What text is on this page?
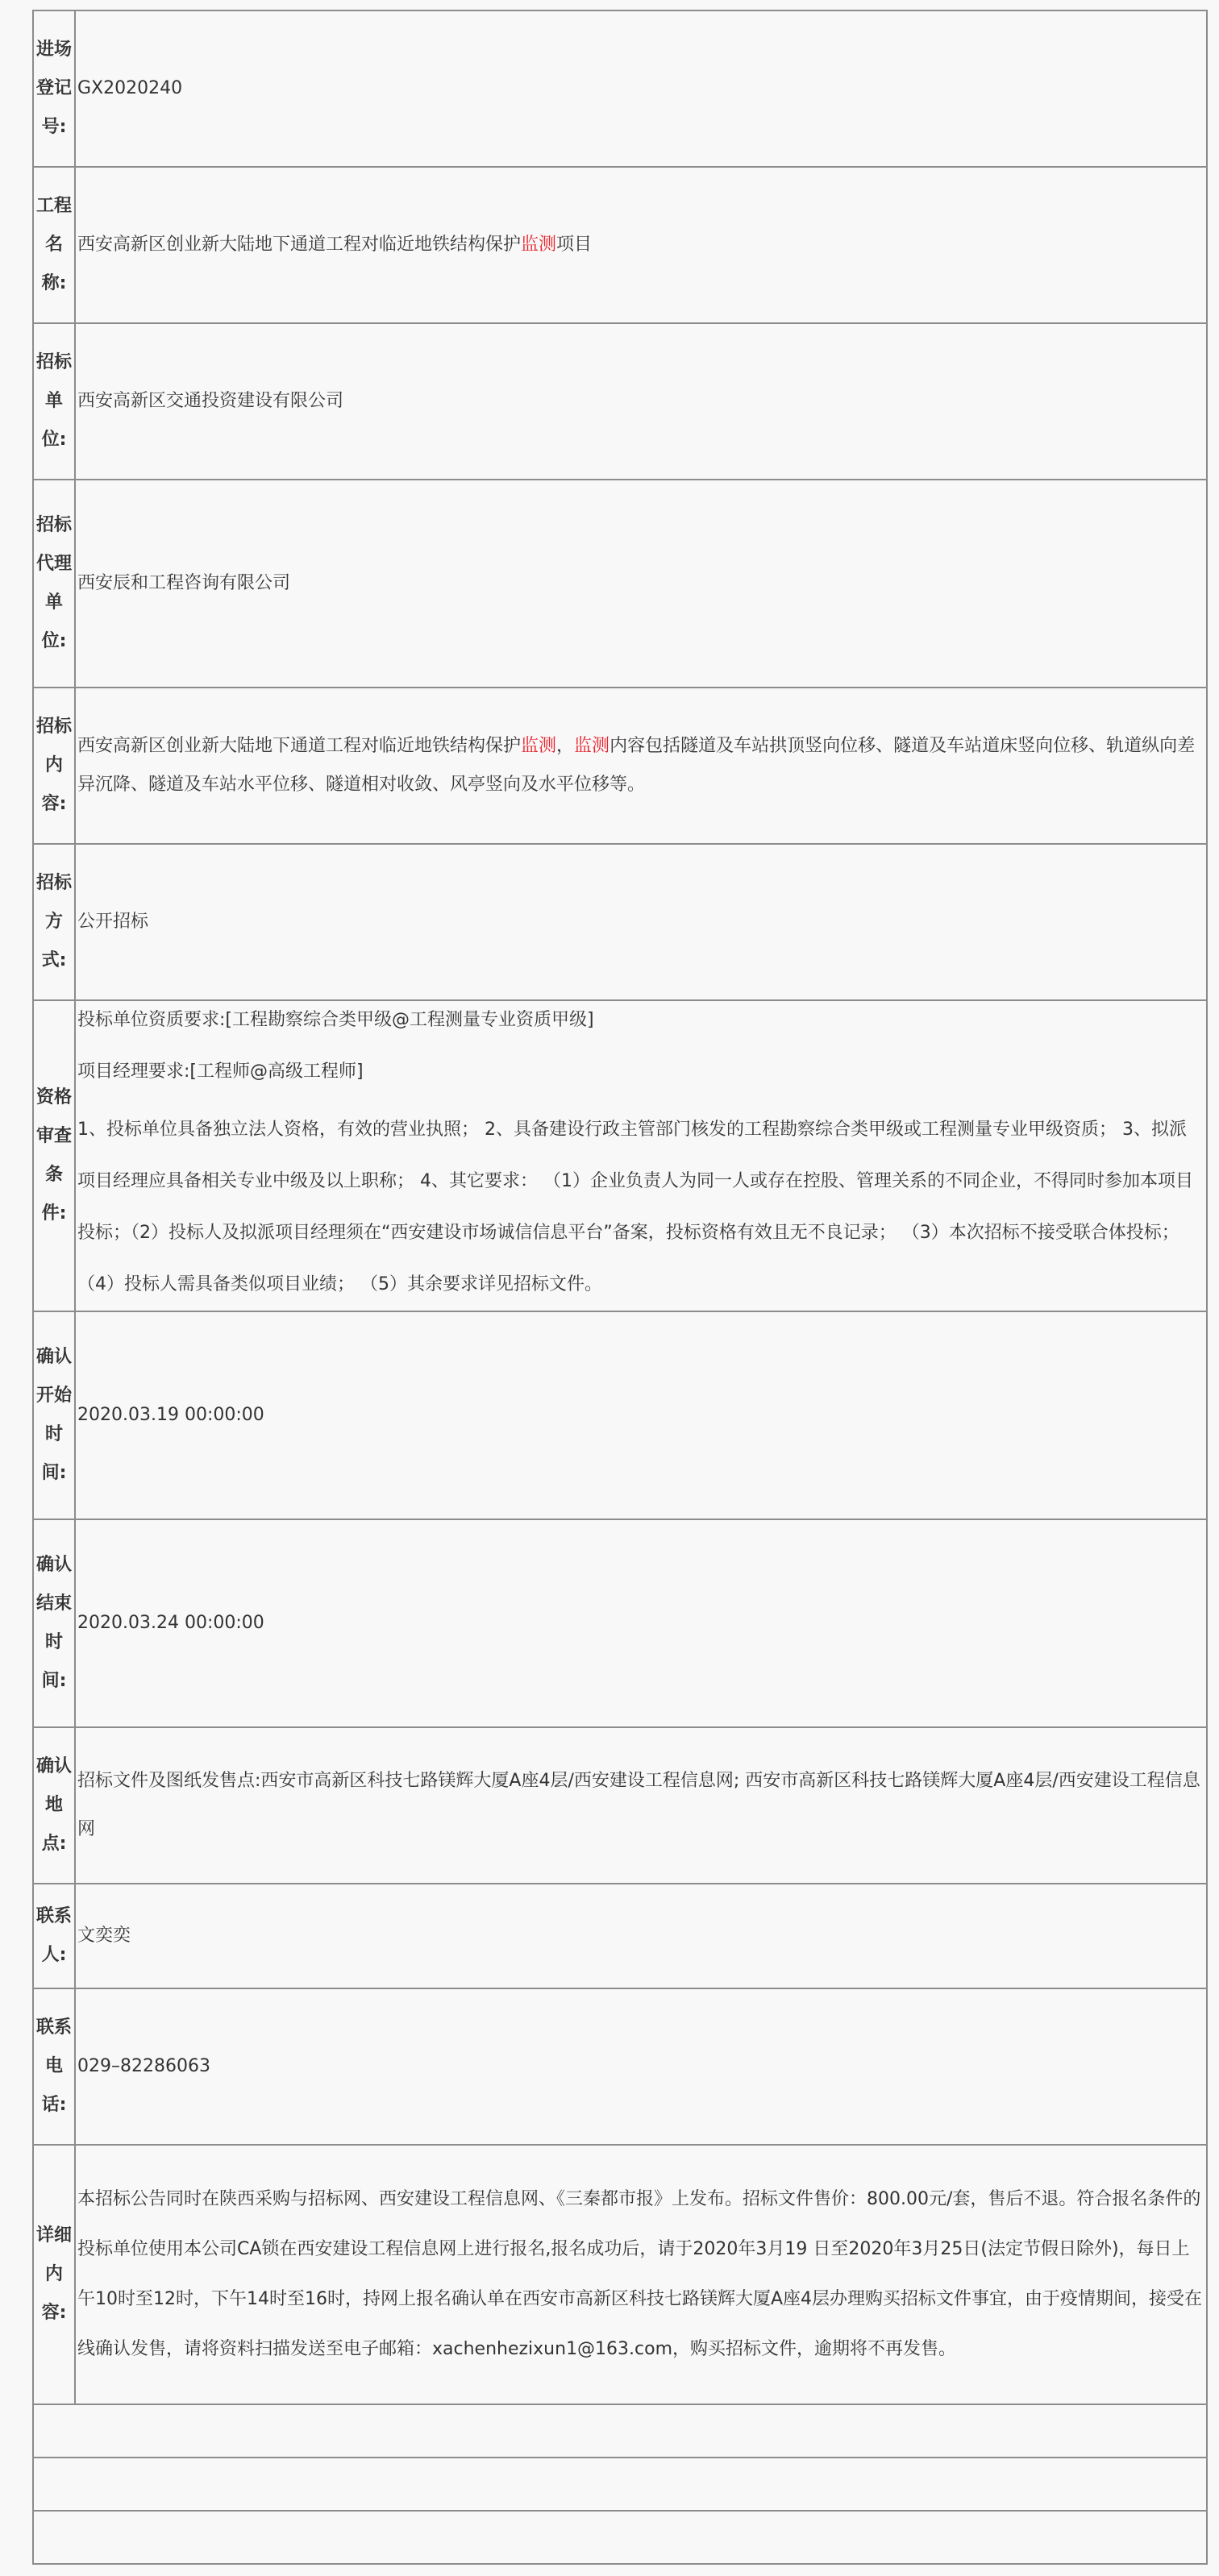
进场登记号:	GX2020240

工程名称:	西安高新区创业新大陆地下通道工程对临近地铁结构保护监测项目

招标单位:	西安高新区交通投资建设有限公司

招标代理单位:	西安辰和工程咨询有限公司

招标内容:	西安高新区创业新大陆地下通道工程对临近地铁结构保护监测，监测内容包括隧道及车站拱顶竖向位移、隧道及车站道床竖向位移、轨道纵向差异沉降、隧道及车站水平位移、隧道相对收敛、风亭竖向及水平位移等。

招标方式:	公开招标

资格审查条件:	投标单位资质要求:[工程勘察综合类甲级@工程测量专业资质甲级]
项目经理要求:[工程师@高级工程师]
1、投标单位具备独立法人资格，有效的营业执照； 2、具备建设行政主管部门核发的工程勘察综合类甲级或工程测量专业甲级资质； 3、拟派项目经理应具备相关专业中级及以上职称； 4、其它要求： （1）企业负责人为同一人或存在控股、管理关系的不同企业，不得同时参加本项目投标；（2）投标人及拟派项目经理须在“西安建设市场诚信信息平台”备案，投标资格有效且无不良记录； （3）本次招标不接受联合体投标； （4）投标人需具备类似项目业绩； （5）其余要求详见招标文件。

确认开始时间:	2020.03.19 00:00:00

确认结束时间:	2020.03.24 00:00:00

确认地点:	招标文件及图纸发售点:西安市高新区科技七路镁辉大厦A座4层/西安建设工程信息网; 西安市高新区科技七路镁辉大厦A座4层/西安建设工程信息网

联系人:	文奕奕

联系电话:	029–82286063

详细内容:	本招标公告同时在陕西采购与招标网、西安建设工程信息网、《三秦都市报》上发布。招标文件售价：800.00元/套，售后不退。符合报名条件的投标单位使用本公司CA锁在西安建设工程信息网上进行报名,报名成功后，请于2020年3月19 日至2020年3月25日(法定节假日除外)，每日上午10时至12时，下午14时至16时，持网上报名确认单在西安市高新区科技七路镁辉大厦A座4层办理购买招标文件事宜，由于疫情期间，接受在线确认发售，请将资料扫描发送至电子邮箱：xachenhezixun1@163.com，购买招标文件，逾期将不再发售。
